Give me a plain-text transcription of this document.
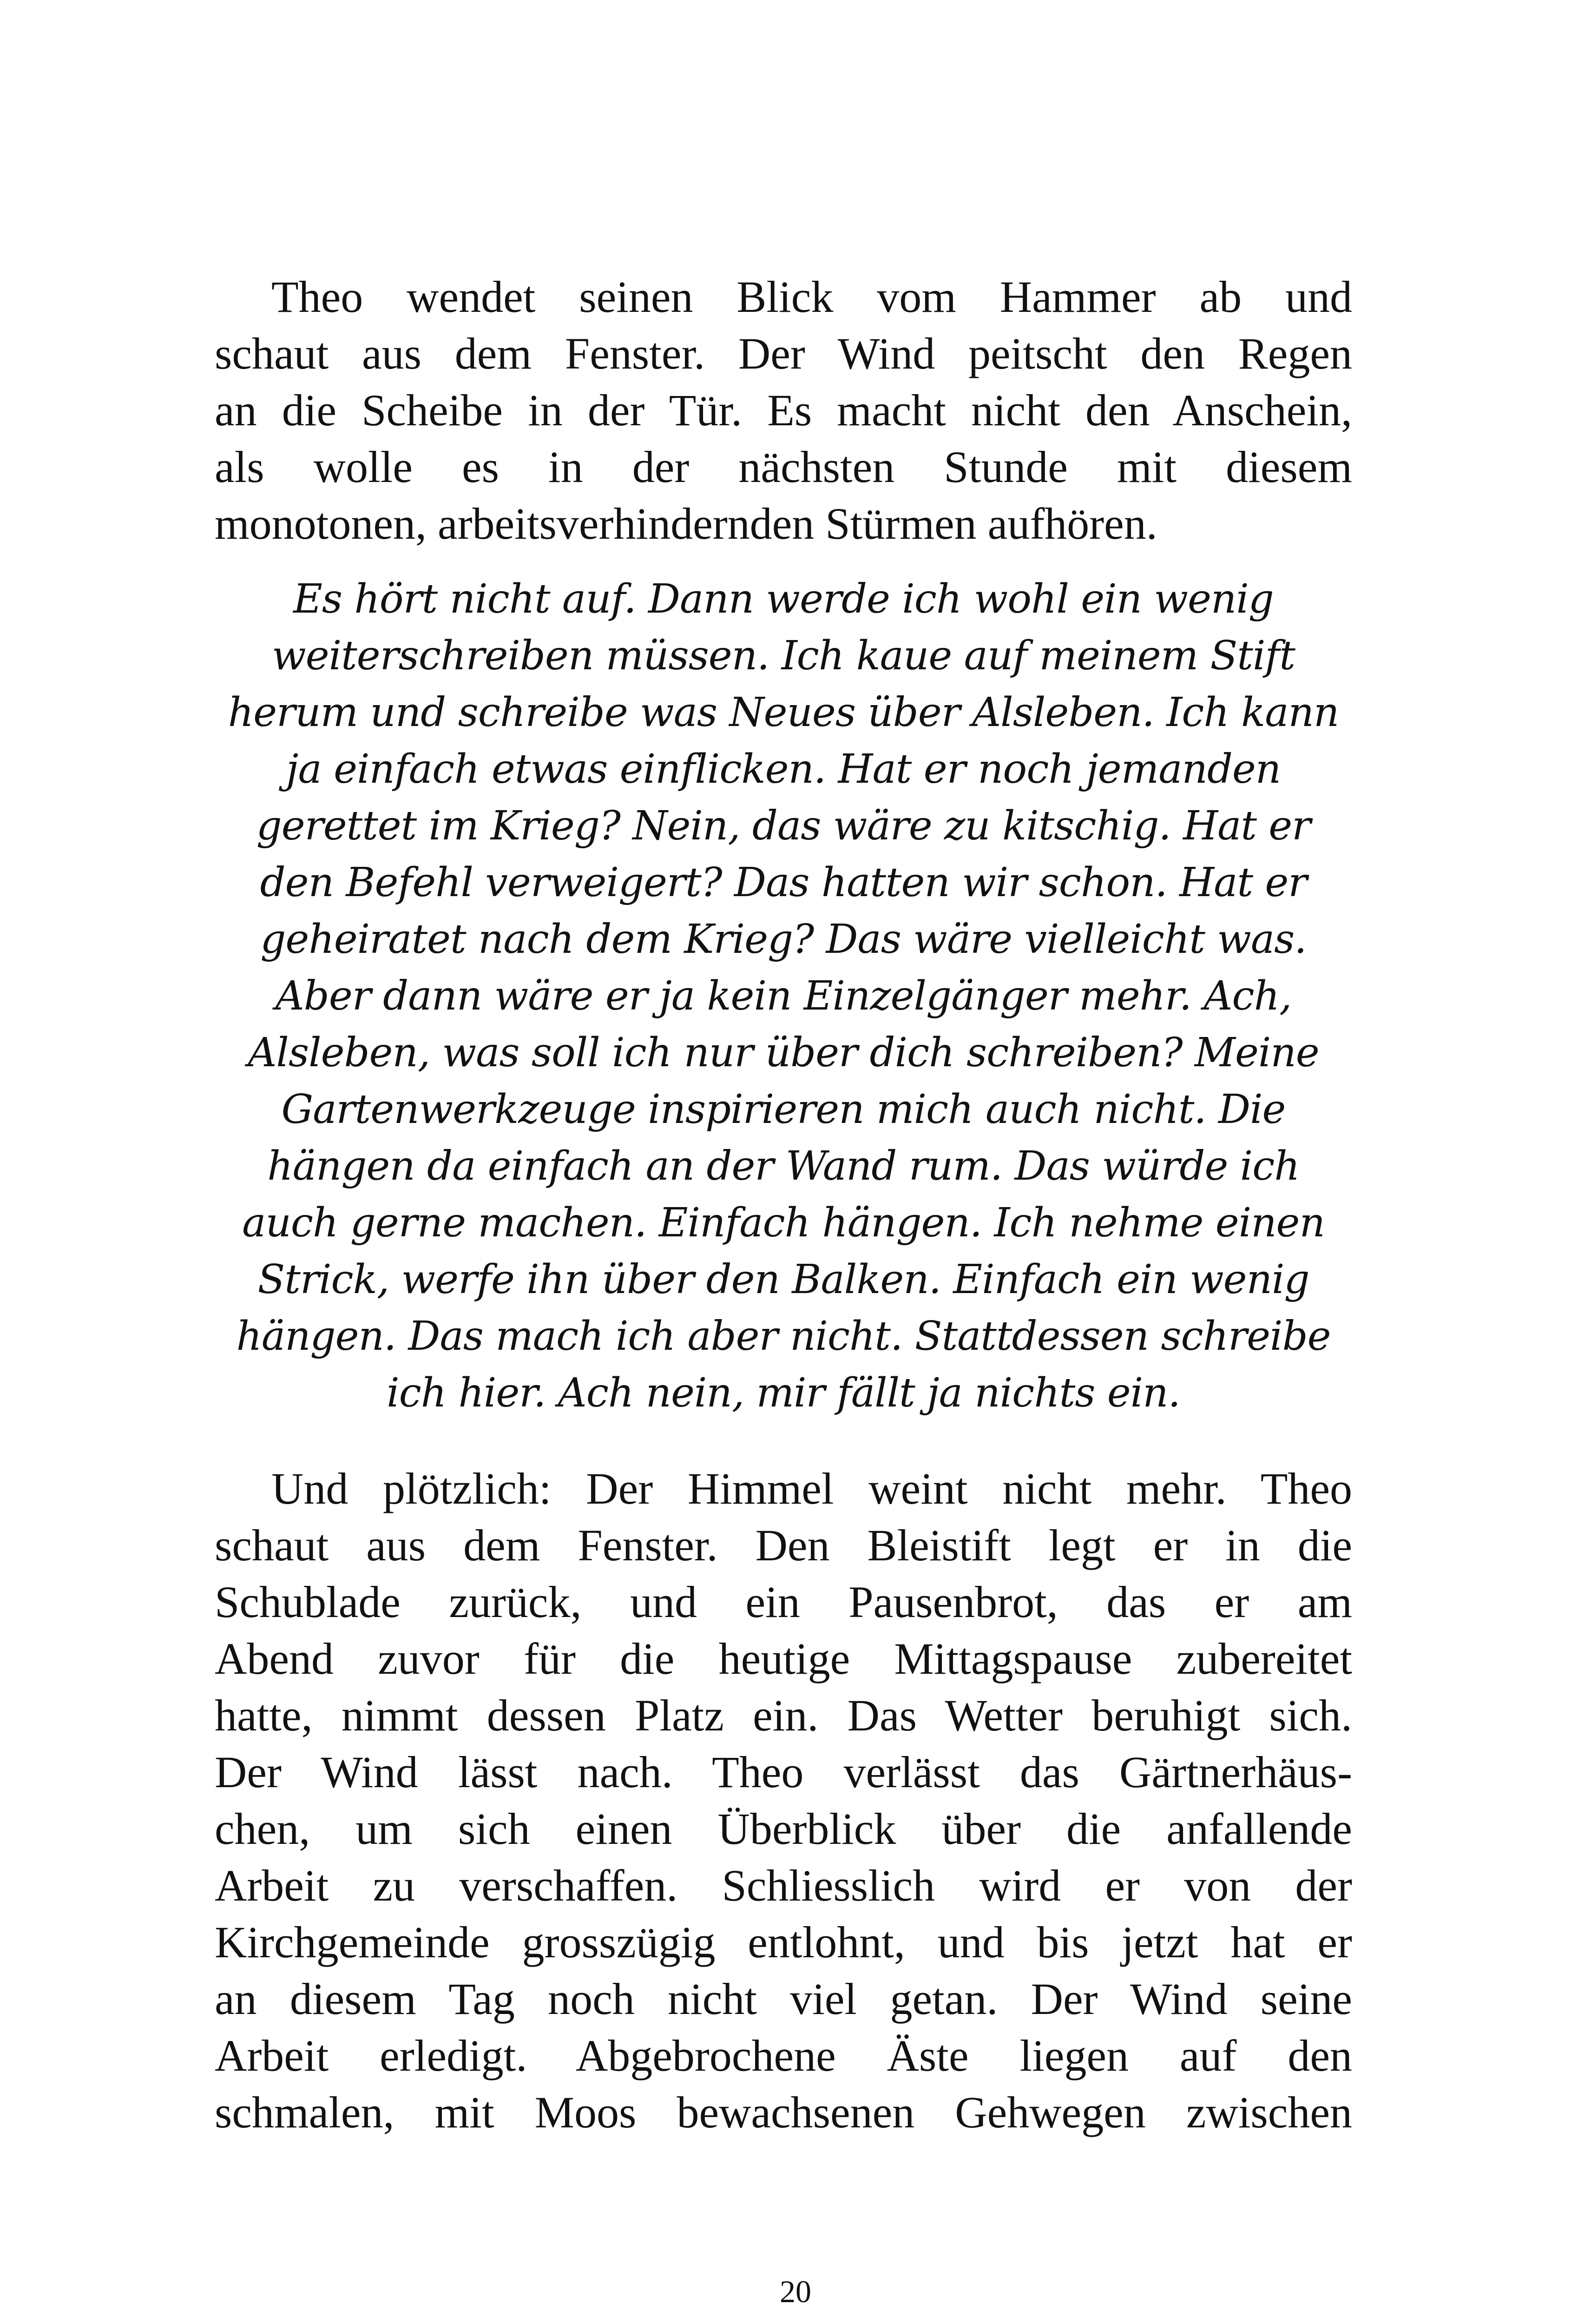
Theo wendet seinen Blick vom Hammer ab und
schaut aus dem Fenster. Der Wind peitscht den Regen
an die Scheibe in der Tür. Es macht nicht den Anschein,
als wolle es in der nächsten Stunde mit diesem
monotonen, arbeitsverhindernden Stürmen aufhören.
Es hört nicht auf. Dann werde ich wohl ein wenig
weiterschreiben müssen. Ich kaue auf meinem Stift
herum und schreibe was Neues über Alsleben. Ich kann
ja einfach etwas einflicken. Hat er noch jemanden
gerettet im Krieg? Nein, das wäre zu kitschig. Hat er
den Befehl verweigert? Das hatten wir schon. Hat er
geheiratet nach dem Krieg? Das wäre vielleicht was.
Aber dann wäre er ja kein Einzelgänger mehr. Ach,
Alsleben, was soll ich nur über dich schreiben? Meine
Gartenwerkzeuge inspirieren mich auch nicht. Die
hängen da einfach an der Wand rum. Das würde ich
auch gerne machen. Einfach hängen. Ich nehme einen
Strick, werfe ihn über den Balken. Einfach ein wenig
hängen. Das mach ich aber nicht. Stattdessen schreibe
ich hier. Ach nein, mir fällt ja nichts ein.
Und plötzlich: Der Himmel weint nicht mehr. Theo
schaut aus dem Fenster. Den Bleistift legt er in die
Schublade zurück, und ein Pausenbrot, das er am
Abend zuvor für die heutige Mittagspause zubereitet
hatte, nimmt dessen Platz ein. Das Wetter beruhigt sich.
Der Wind lässt nach. Theo verlässt das Gärtnerhäus-
chen, um sich einen Überblick über die anfallende
Arbeit zu verschaffen. Schliesslich wird er von der
Kirchgemeinde grosszügig entlohnt, und bis jetzt hat er
an diesem Tag noch nicht viel getan. Der Wind seine
Arbeit erledigt. Abgebrochene Äste liegen auf den
schmalen, mit Moos bewachsenen Gehwegen zwischen
20
